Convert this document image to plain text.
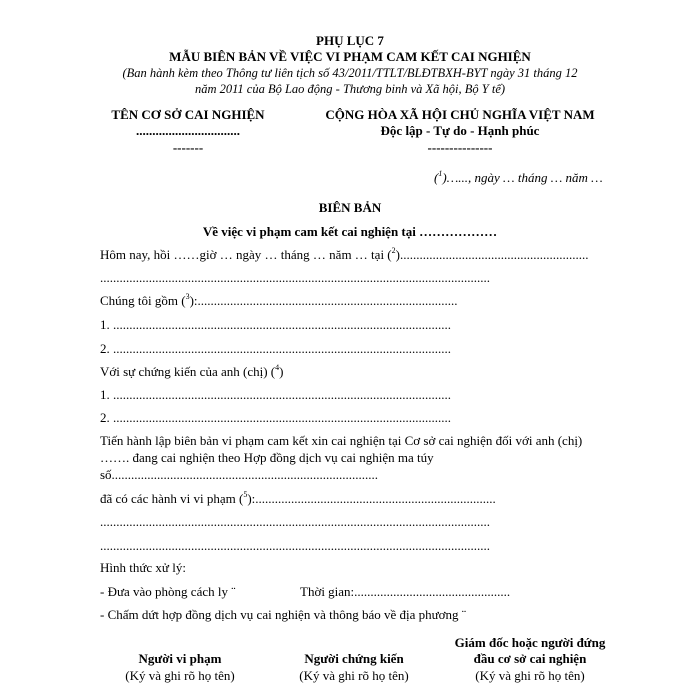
PHỤ LỤC 7
MẪU BIÊN BẢN VỀ VIỆC VI PHẠM CAM KẾT CAI NGHIỆN
(Ban hành kèm theo Thông tư liên tịch số 43/2011/TTLT/BLĐTBXH-BYT ngày 31 tháng 12
năm 2011 của Bộ Lao động - Thương binh và Xã hội, Bộ Y tế)
TÊN CƠ SỞ CAI NGHIỆN
................................
-------
CỘNG HÒA XÃ HỘI CHỦ NGHĨA VIỆT NAM
Độc lập - Tự do - Hạnh phúc
---------------
($^1$)…..., ngày … tháng … năm …
BIÊN BẢN
Về việc vi phạm cam kết cai nghiện tại ………………
Hôm nay, hồi ……giờ … ngày … tháng … năm … tại ($^2$)..........................................................
........................................................................................................................
Chúng tôi gồm ($^3$):................................................................................
1. ........................................................................................................
2. ........................................................................................................
Với sự chứng kiến của anh (chị) ($^4$)
1. ........................................................................................................
2. ........................................................................................................
Tiến hành lập biên bản vi phạm cam kết xin cai nghiện tại Cơ sở cai nghiện đối với anh (chị)
……. đang cai nghiện theo Hợp đồng dịch vụ cai nghiện ma túy
số..................................................................................
đã có các hành vi vi phạm ($^5$):..........................................................................
........................................................................................................................
........................................................................................................................
Hình thức xử lý:
- Đưa vào phòng cách ly ¨	Thời gian:................................................
- Chấm dứt hợp đồng dịch vụ cai nghiện và thông báo về địa phương ¨
Người vi phạm
(Ký và ghi rõ họ tên)
Người chứng kiến
(Ký và ghi rõ họ tên)
Giám đốc hoặc người đứng
đầu cơ sở cai nghiện
(Ký và ghi rõ họ tên)
